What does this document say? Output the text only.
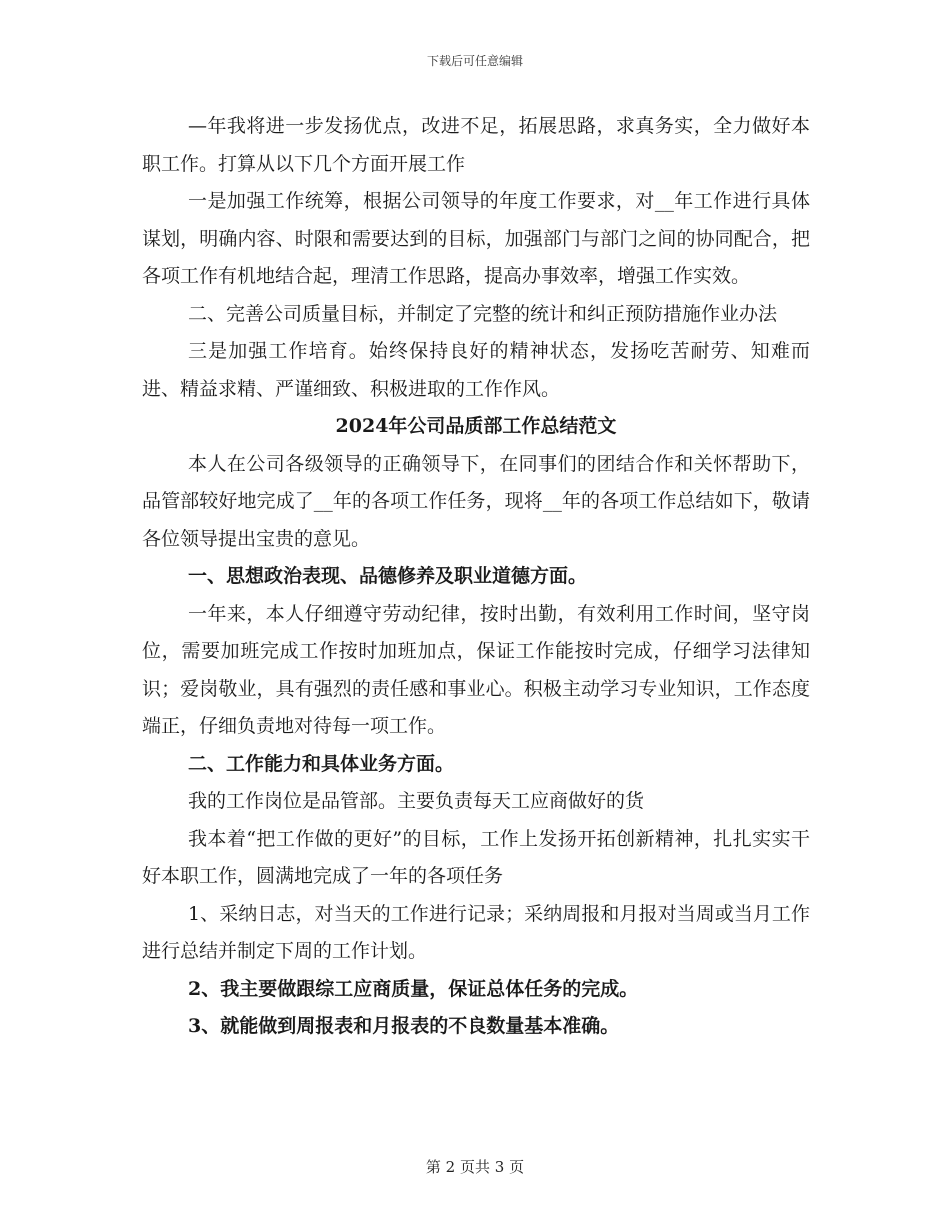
下载后可任意编辑

—年我将进一步发扬优点，改进不足，拓展思路，求真务实，全力做好本职工作。打算从以下几个方面开展工作

一是加强工作统筹，根据公司领导的年度工作要求，对__年工作进行具体谋划，明确内容、时限和需要达到的目标，加强部门与部门之间的协同配合，把各项工作有机地结合起，理清工作思路，提高办事效率，增强工作实效。

二、完善公司质量目标，并制定了完整的统计和纠正预防措施作业办法

三是加强工作培育。始终保持良好的精神状态，发扬吃苦耐劳、知难而进、精益求精、严谨细致、积极进取的工作作风。

2024年公司品质部工作总结范文

本人在公司各级领导的正确领导下，在同事们的团结合作和关怀帮助下，品管部较好地完成了__年的各项工作任务，现将__年的各项工作总结如下，敬请各位领导提出宝贵的意见。

一、思想政治表现、品德修养及职业道德方面。

一年来，本人仔细遵守劳动纪律，按时出勤，有效利用工作时间，坚守岗位，需要加班完成工作按时加班加点，保证工作能按时完成，仔细学习法律知识；爱岗敬业，具有强烈的责任感和事业心。积极主动学习专业知识，工作态度端正，仔细负责地对待每一项工作。

二、工作能力和具体业务方面。

我的工作岗位是品管部。主要负责每天工应商做好的货

我本着“把工作做的更好”的目标，工作上发扬开拓创新精神，扎扎实实干好本职工作，圆满地完成了一年的各项任务

1、采纳日志，对当天的工作进行记录；采纳周报和月报对当周或当月工作进行总结并制定下周的工作计划。

2、我主要做跟综工应商质量，保证总体任务的完成。

3、就能做到周报表和月报表的不良数量基本准确。

第 2 页共 3 页
